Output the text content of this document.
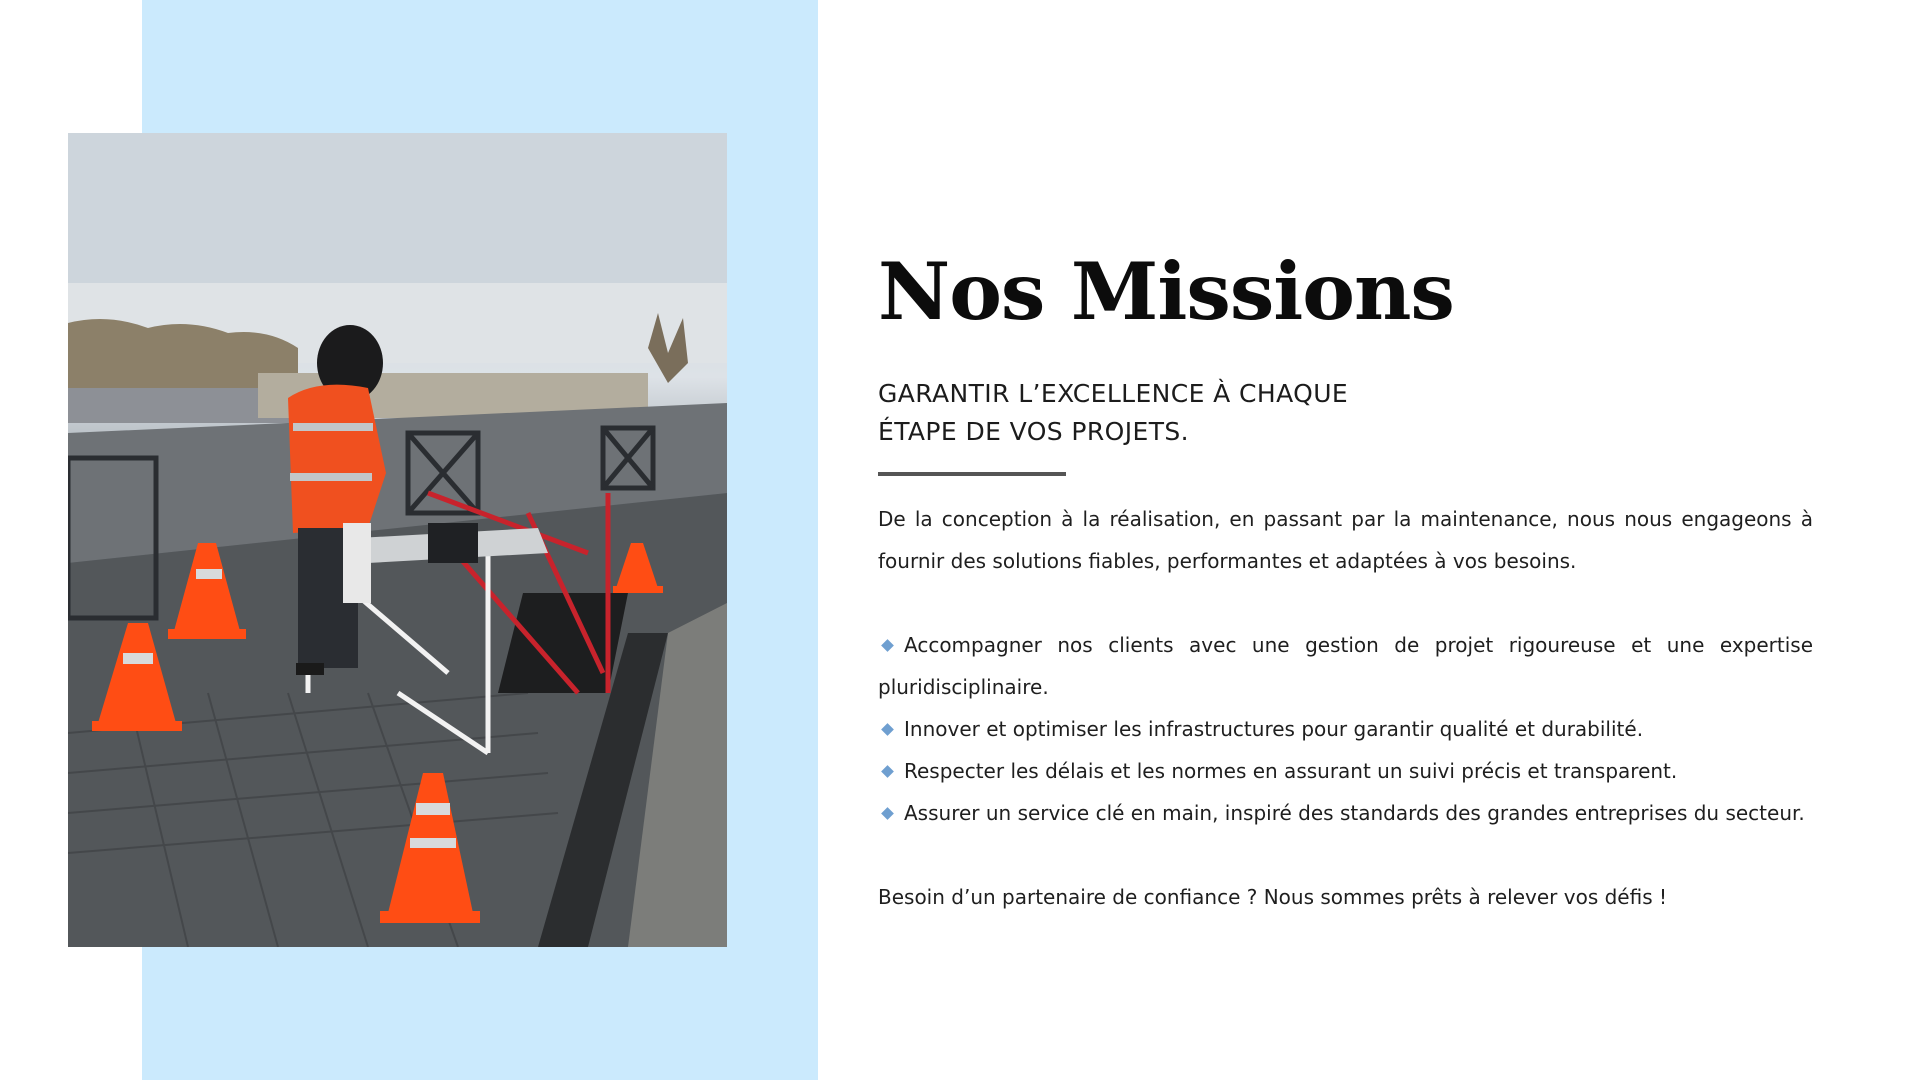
Nos Missions
GARANTIR L’EXCELLENCE À CHAQUE
ÉTAPE DE VOS PROJETS.

De la conception à la réalisation, en passant par la maintenance, nous nous engageons à fournir des solutions fiables, performantes et adaptées à vos besoins.

Accompagner nos clients avec une gestion de projet rigoureuse et une expertise pluridisciplinaire.
Innover et optimiser les infrastructures pour garantir qualité et durabilité.
Respecter les délais et les normes en assurant un suivi précis et transparent.
Assurer un service clé en main, inspiré des standards des grandes entreprises du secteur.

Besoin d’un partenaire de confiance ? Nous sommes prêts à relever vos défis !
